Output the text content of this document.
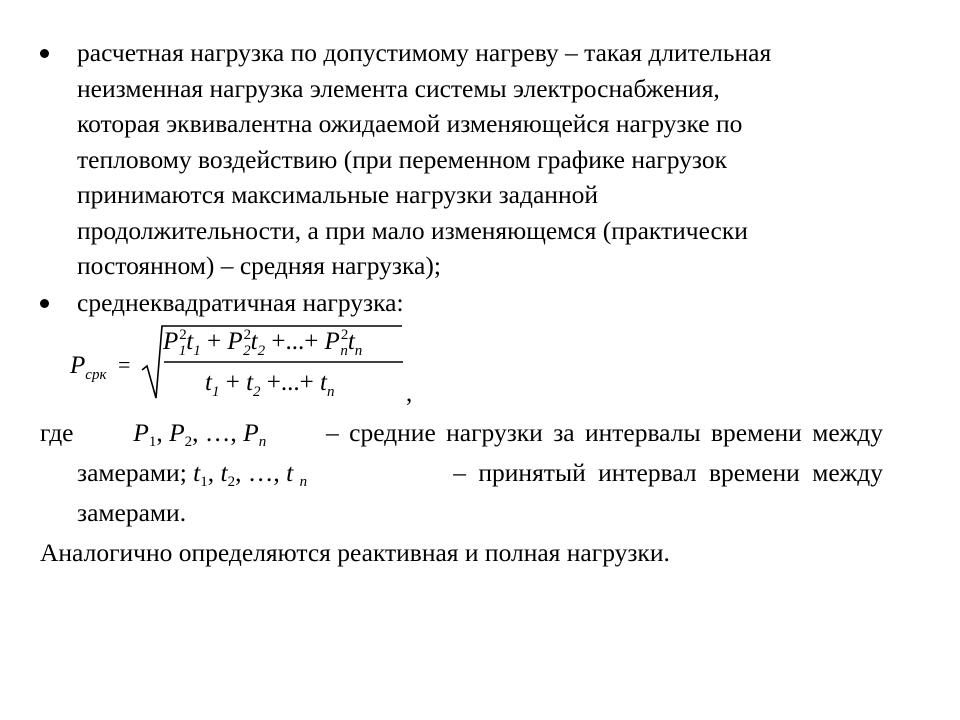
расчетная нагрузка по допустимому нагреву – такая длительная
неизменная нагрузка элемента системы электроснабжения,
которая эквивалентна ожидаемой изменяющейся нагрузке по
тепловому воздействию (при переменном графике нагрузок
принимаются максимальные нагрузки заданной
продолжительности, а при мало изменяющемся (практически
постоянном) – средняя нагрузка);
среднеквадратичная нагрузка:
$P_{срк}$ =
$P^2_1t_1 + P^2_2t_2$ +...+ $P^2_nt_n$
$t_1 + t_2$ +...+ $t_n$	,
где P1, P2, …, Pn – средние нагрузки за интервалы времени между
замерами; t1, t2, …, t n	– принятый интервал времени между
замерами.
Аналогично определяются реактивная и полная нагрузки.
